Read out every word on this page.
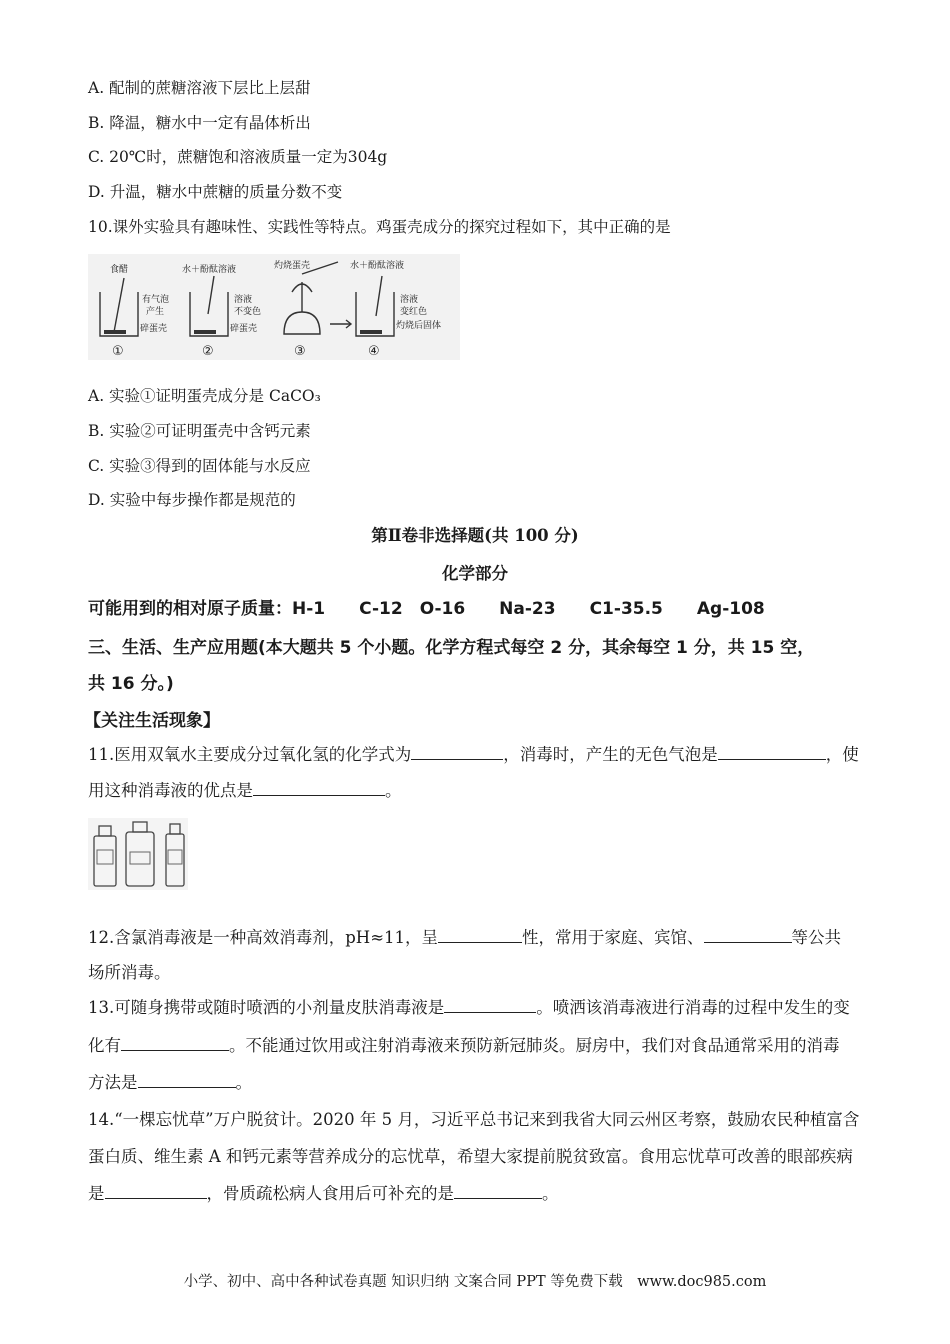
A. 配制的蔗糖溶液下层比上层甜
B. 降温，糖水中一定有晶体析出
C. 20℃时，蔗糖饱和溶液质量一定为304g
D. 升温，糖水中蔗糖的质量分数不变
10.课外实验具有趣味性、实践性等特点。鸡蛋壳成分的探究过程如下，其中正确的是
食醋	水＋酚酞溶液	灼烧蛋壳	水＋酚酞溶液
有气泡
产生
碎蛋壳
溶液
不变色
碎蛋壳
溶液
变红色
灼烧后固体
①	②	③	④
A. 实验①证明蛋壳成分是 CaCO₃
B. 实验②可证明蛋壳中含钙元素
C. 实验③得到的固体能与水反应
D. 实验中每步操作都是规范的
第Ⅱ卷非选择题(共 100 分)
化学部分
可能用到的相对原子质量：H-1　　C-12　O-16　　Na-23　　C1-35.5　　Ag-108
三、生活、生产应用题(本大题共 5 个小题。化学方程式每空 2 分，其余每空 1 分，共 15 空，
共 16 分。)
【关注生活现象】
11.医用双氧水主要成分过氧化氢的化学式为	，消毒时，产生的无色气泡是	，使
用这种消毒液的优点是	。
12.含氯消毒液是一种高效消毒剂，pH≈11，呈	性，常用于家庭、宾馆、	等公共
场所消毒。
13.可随身携带或随时喷洒的小剂量皮肤消毒液是	。喷洒该消毒液进行消毒的过程中发生的变
化有	。不能通过饮用或注射消毒液来预防新冠肺炎。厨房中，我们对食品通常采用的消毒
方法是	。
14.“一棵忘忧草”万户脱贫计。2020 年 5 月，习近平总书记来到我省大同云州区考察，鼓励农民种植富含
蛋白质、维生素 A 和钙元素等营养成分的忘忧草，希望大家提前脱贫致富。食用忘忧草可改善的眼部疾病
是	，骨质疏松病人食用后可补充的是	。
小学、初中、高中各种试卷真题 知识归纳 文案合同 PPT 等免费下载　www.doc985.com
